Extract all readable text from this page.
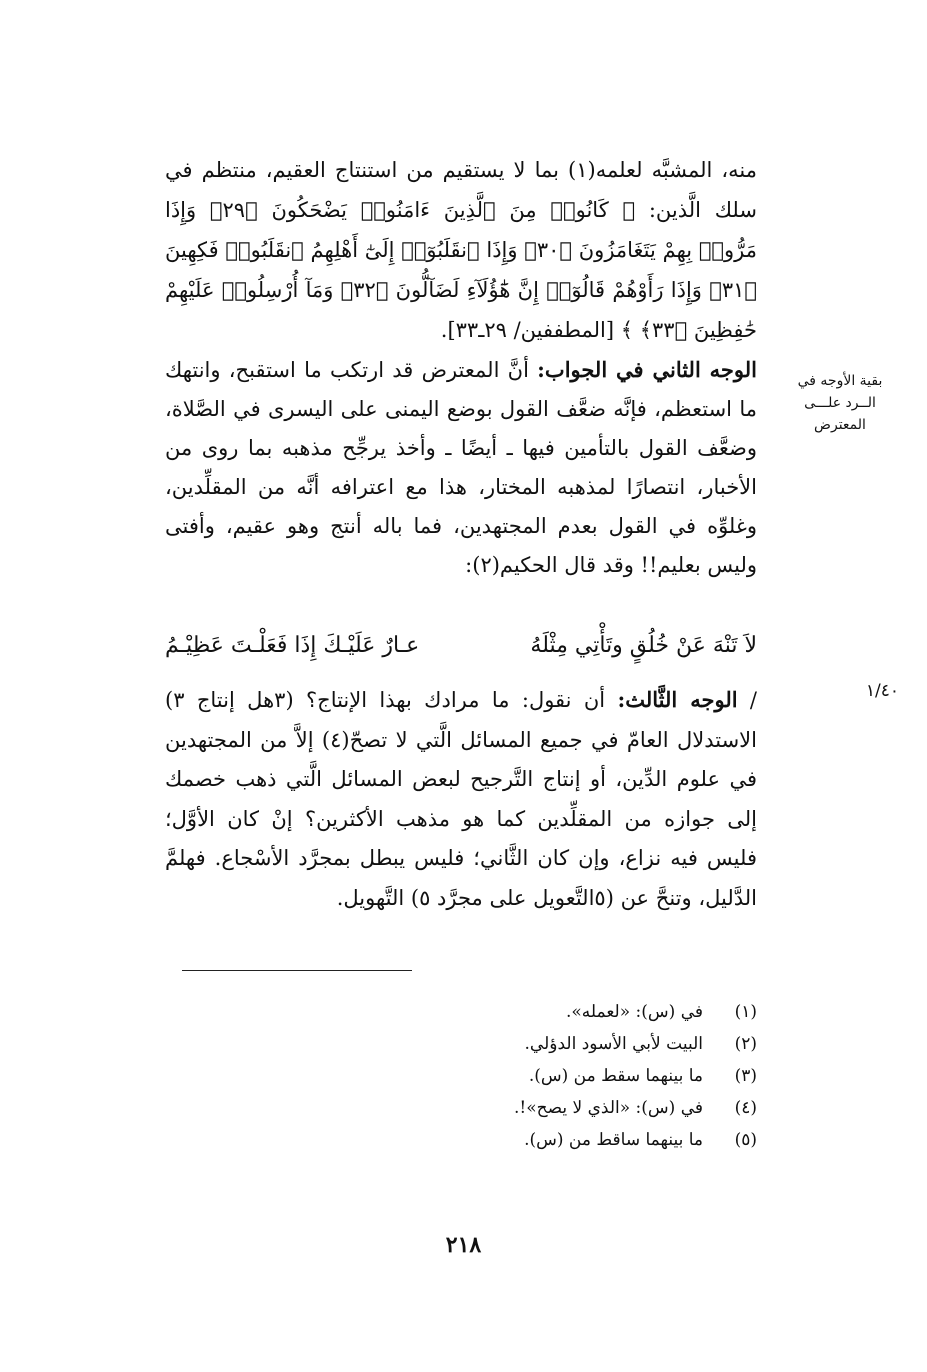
منه، المشبَّه لعلمه(١) بما لا يستقيم من استنتاج العقيم، منتظم في سلك الَّذين: ﴿ كَانُوا۟ مِنَ ٱلَّذِينَ ءَامَنُوا۟ يَضْحَكُونَ ﴿٢٩﴾ وَإِذَا مَرُّوا۟ بِهِمْ يَتَغَامَزُونَ ﴿٣٠﴾ وَإِذَا ٱنقَلَبُوٓا۟ إِلَىٰٓ أَهْلِهِمُ ٱنقَلَبُوا۟ فَكِهِينَ ﴿٣١﴾ وَإِذَا رَأَوْهُمْ قَالُوٓا۟ إِنَّ هَٰٓؤُلَآءِ لَضَآلُّونَ ﴿٣٢﴾ وَمَآ أُرْسِلُوا۟ عَلَيْهِمْ حَٰفِظِينَ ﴿٣٣﴾ ﴾ [المطففين/ ٢٩ـ٣٣].

بقية الأوجه في الــرد علـــى المعترض

الوجه الثاني في الجواب: أنَّ المعترض قد ارتكب ما استقبح، وانتهك ما استعظم، فإنَّه ضعَّف القول بوضع اليمنى على اليسرى في الصَّلاة، وضعَّف القول بالتأمين فيها ـ أيضًا ـ وأخذ يرجِّح مذهبه بما روى من الأخبار، انتصارًا لمذهبه المختار، هذا مع اعترافه أنَّه من المقلِّدين، وغلوِّه في القول بعدم المجتهدين، فما باله أنتج وهو عقيم، وأفتى وليس بعليم!! وقد قال الحكيم(٢):

لاَ تَنْهَ عَنْ خُلُقٍ وتَأْتِي مِثْلَهُ
عـارٌ عَلَيْـكَ إِذَا فَعَلْـتَ عَظِيْـمُ
١/٤٠

/ الوجه الثَّالث: أن نقول: ما مرادك بهذا الإنتاج؟ (٣هل إنتاج ٣) الاستدلال العامّ في جميع المسائل الَّتي لا تصحّ(٤) إلاَّ من المجتهدين في علوم الدِّين، أو إنتاج التَّرجيح لبعض المسائل الَّتي ذهب خصمك إلى جوازه من المقلِّدين كما هو مذهب الأكثرين؟ إنْ كان الأوَّل؛ فليس فيه نزاع، وإن كان الثَّاني؛ فليس يبطل بمجرَّد الأسْجاع. فهلمَّ الدَّليل، وتنحَّ عن (٥التَّعويل على مجرَّد ٥) التَّهويل.

(١)
في (س): «لعمله».
(٢)
البيت لأبي الأسود الدؤلي.
(٣)
ما بينهما سقط من (س).
(٤)
في (س): «الذي لا يصح»!.
(٥)
ما بينهما ساقط من (س).
٢١٨
